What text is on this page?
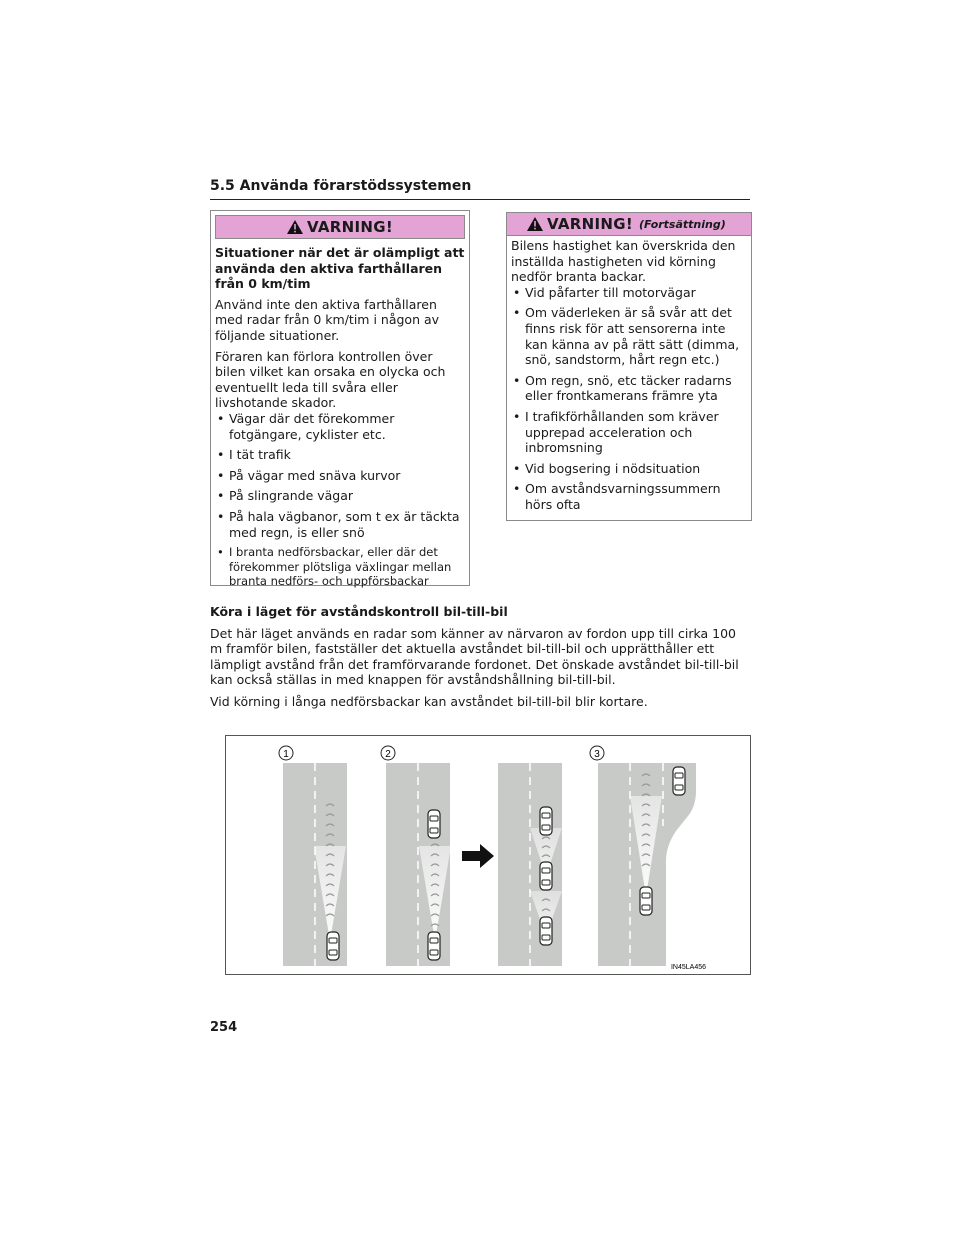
5.5 Använda förarstödssystemen
VARNING!

Situationer när det är olämpligt att använda den aktiva farthållaren från 0 km/tim

Använd inte den aktiva farthållaren med radar från 0 km/tim i någon av följande situationer.

Föraren kan förlora kontrollen över bilen vilket kan orsaka en olycka och eventuellt leda till svåra eller livshotande skador.

• Vägar där det förekommer fotgängare, cyklister etc.
• I tät trafik
• På vägar med snäva kurvor
• På slingrande vägar
• På hala vägbanor, som t ex är täckta med regn, is eller snö
• I branta nedförsbackar, eller där det förekommer plötsliga växlingar mellan branta nedförs- och uppförsbackar
VARNING! (Fortsättning)

Bilens hastighet kan överskrida den inställda hastigheten vid körning nedför branta backar.

• Vid påfarter till motorvägar
• Om väderleken är så svår att det finns risk för att sensorerna inte kan känna av på rätt sätt (dimma, snö, sandstorm, hårt regn etc.)
• Om regn, snö, etc täcker radarns eller frontkamerans främre yta
• I trafikförhållanden som kräver upprepad acceleration och inbromsning
• Vid bogsering i nödsituation
• Om avståndsvarningssummern hörs ofta

Köra i läget för avståndskontroll bil-till-bil

Det här läget används en radar som känner av närvaron av fordon upp till cirka 100 m framför bilen, fastställer det aktuella avståndet bil-till-bil och upprätthåller ett lämpligt avstånd från det framförvarande fordonet. Det önskade avståndet bil-till-bil kan också ställas in med knappen för avståndshållning bil-till-bil.

Vid körning i långa nedförsbackar kan avståndet bil-till-bil blir kortare.

1	2	3
IN45LA456
254
